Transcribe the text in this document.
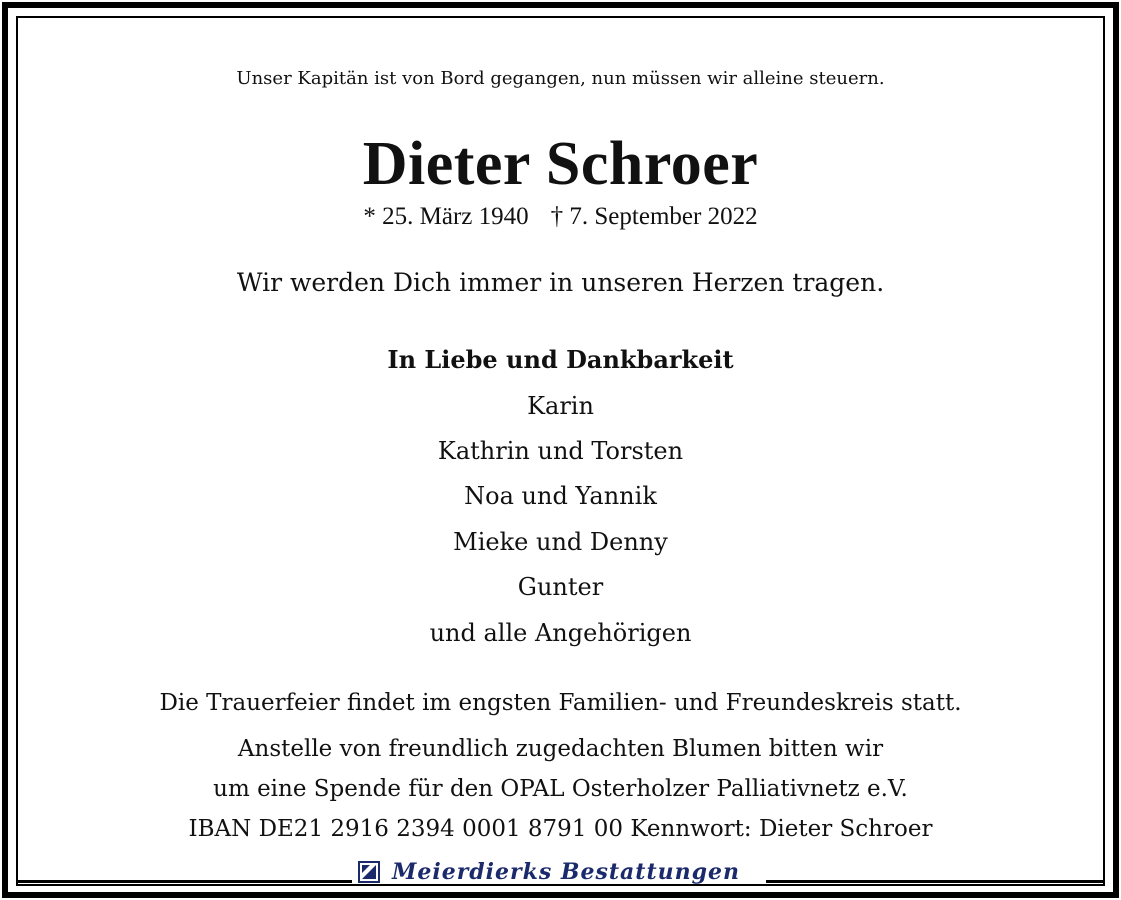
Unser Kapitän ist von Bord gegangen, nun müssen wir alleine steuern.
Dieter Schroer
* 25. März 1940 † 7. September 2022
Wir werden Dich immer in unseren Herzen tragen.
In Liebe und Dankbarkeit
Karin
Kathrin und Torsten
Noa und Yannik
Mieke und Denny
Gunter
und alle Angehörigen
Die Trauerfeier findet im engsten Familien- und Freundeskreis statt.
Anstelle von freundlich zugedachten Blumen bitten wir
um eine Spende für den OPAL Osterholzer Palliativnetz e.V.
IBAN DE21 2916 2394 0001 8791 00 Kennwort: Dieter Schroer
Meierdierks Bestattungen
